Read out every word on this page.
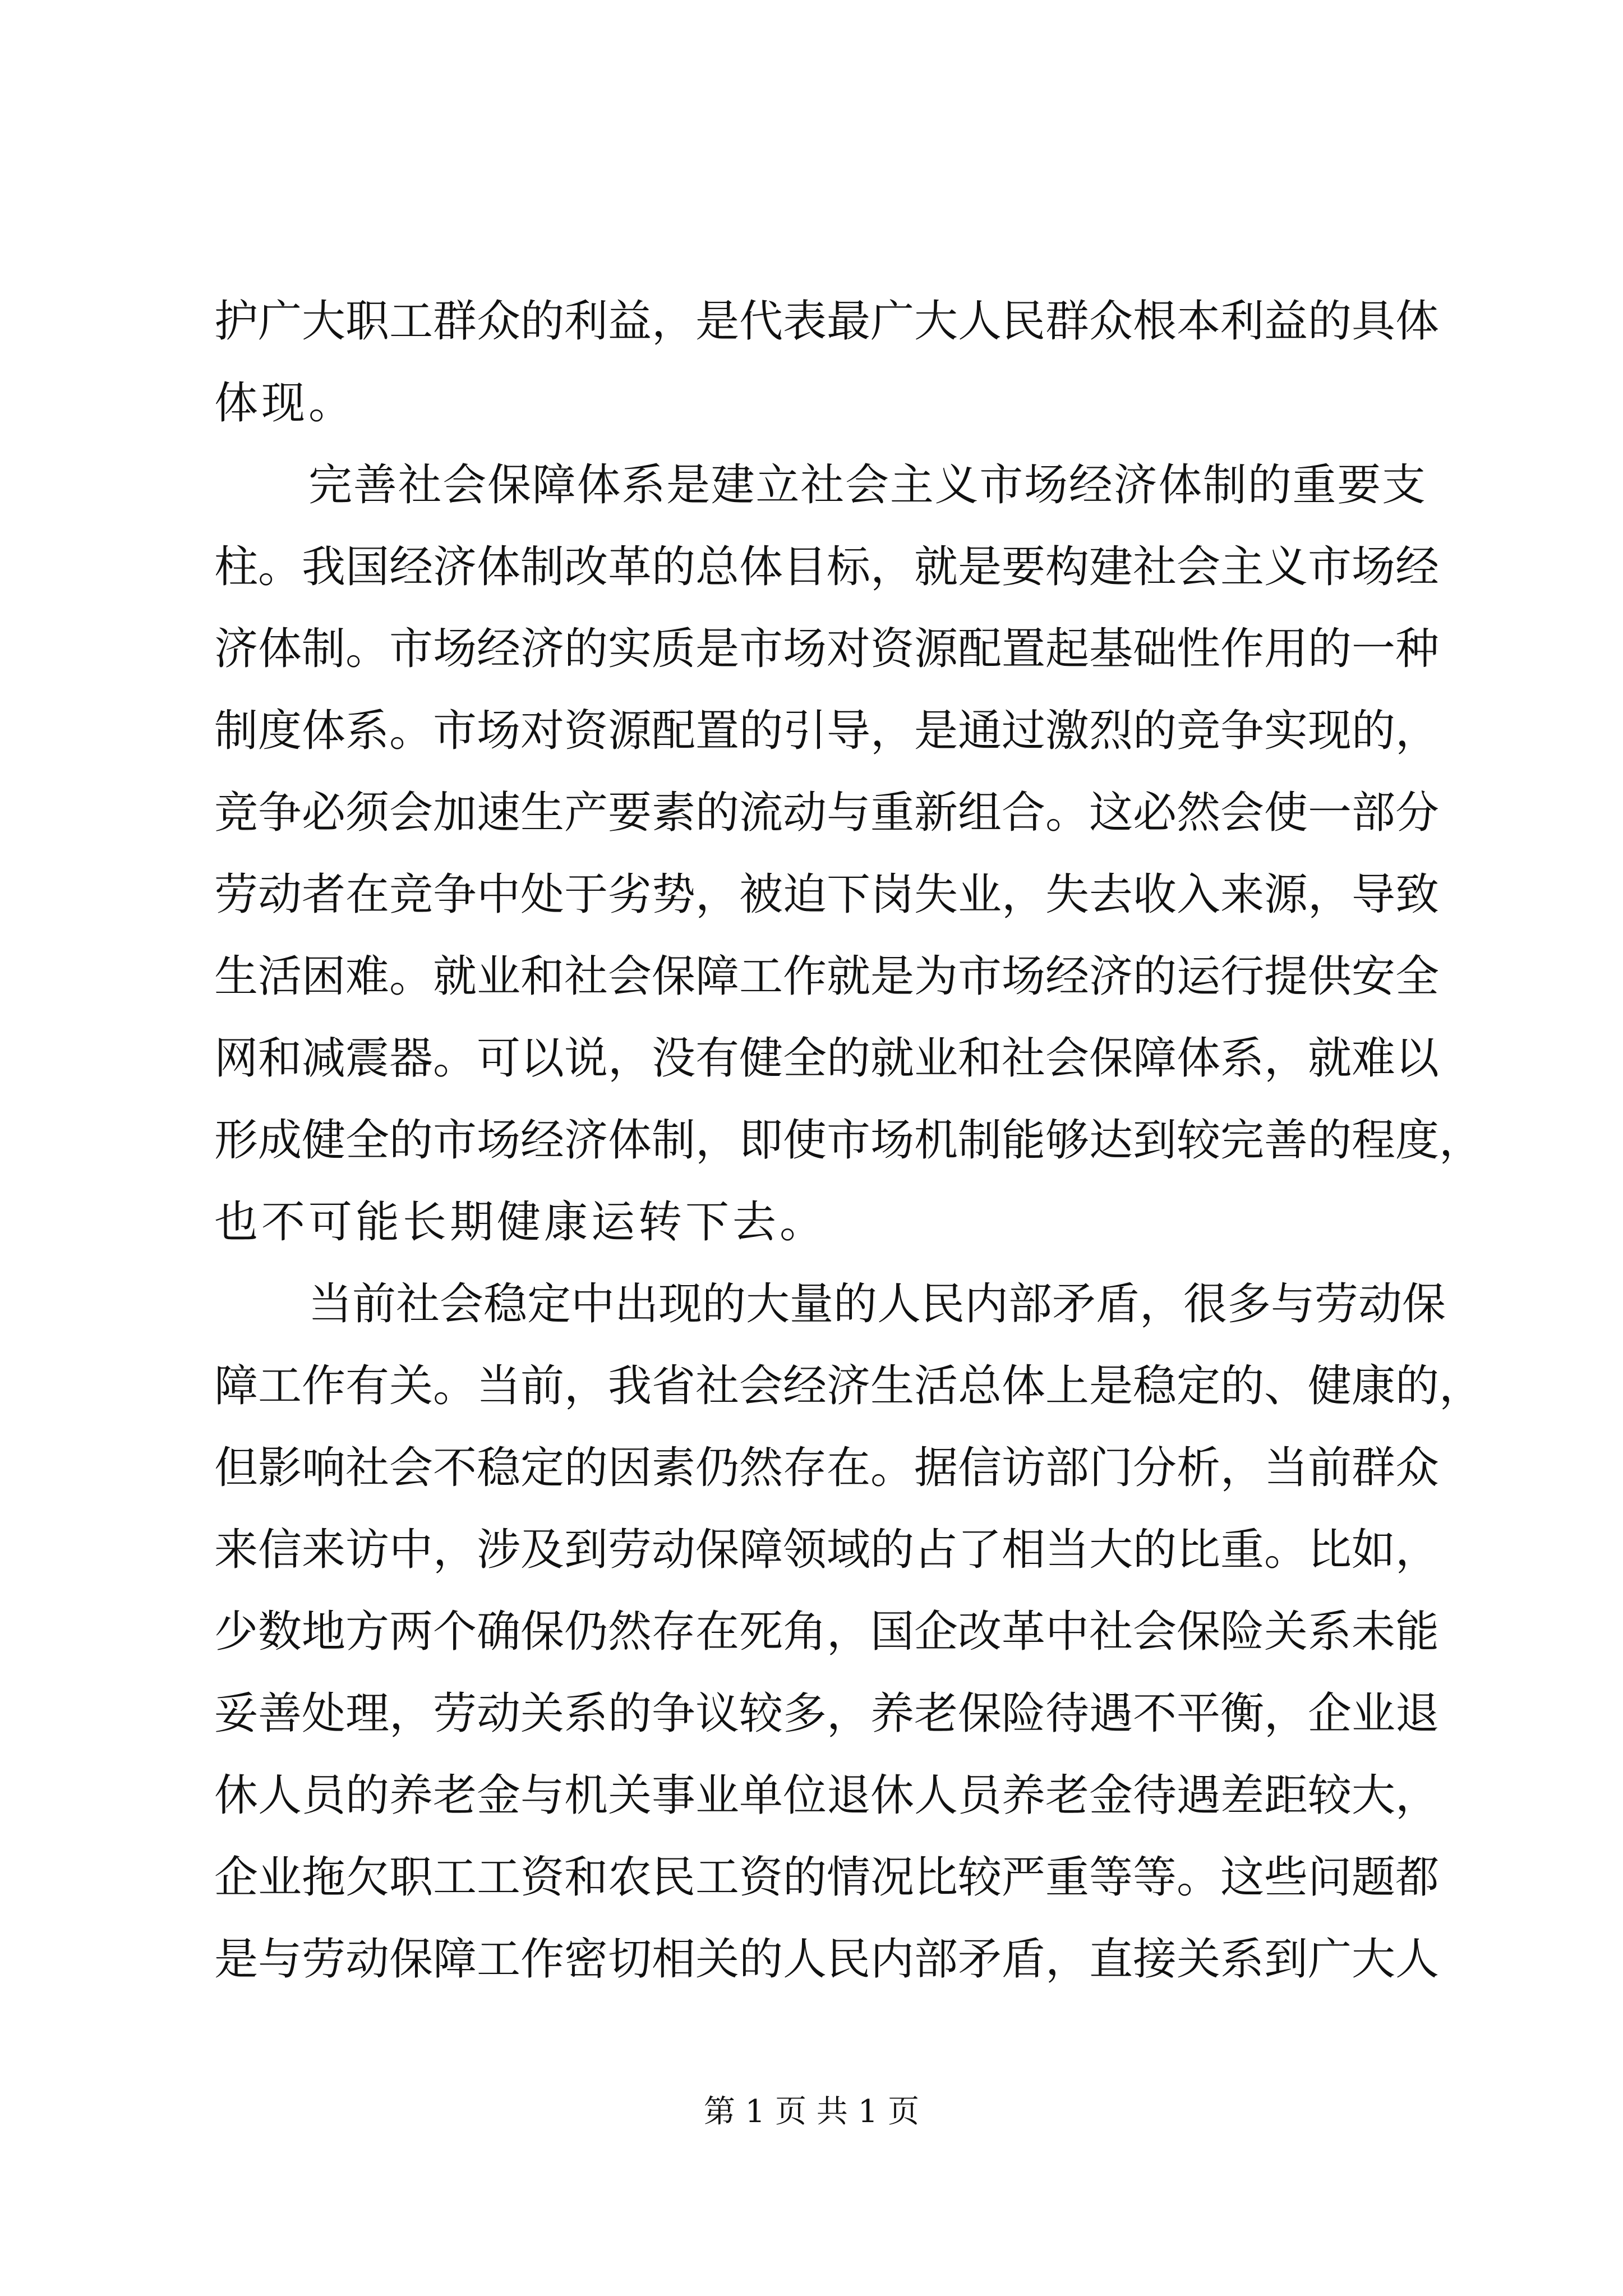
护广大职工群众的利益，是代表最广大人民群众根本利益的具体
体现。
完善社会保障体系是建立社会主义市场经济体制的重要支
柱。我国经济体制改革的总体目标，就是要构建社会主义市场经
济体制。市场经济的实质是市场对资源配置起基础性作用的一种
制度体系。市场对资源配置的引导，是通过激烈的竞争实现的，
竞争必须会加速生产要素的流动与重新组合。这必然会使一部分
劳动者在竞争中处于劣势，被迫下岗失业，失去收入来源，导致
生活困难。就业和社会保障工作就是为市场经济的运行提供安全
网和减震器。可以说，没有健全的就业和社会保障体系，就难以
形成健全的市场经济体制，即使市场机制能够达到较完善的程度，
也不可能长期健康运转下去。
当前社会稳定中出现的大量的人民内部矛盾，很多与劳动保
障工作有关。当前，我省社会经济生活总体上是稳定的、健康的，
但影响社会不稳定的因素仍然存在。据信访部门分析，当前群众
来信来访中，涉及到劳动保障领域的占了相当大的比重。比如，
少数地方两个确保仍然存在死角，国企改革中社会保险关系未能
妥善处理，劳动关系的争议较多，养老保险待遇不平衡，企业退
休人员的养老金与机关事业单位退休人员养老金待遇差距较大，
企业拖欠职工工资和农民工资的情况比较严重等等。这些问题都
是与劳动保障工作密切相关的人民内部矛盾，直接关系到广大人
第 1 页 共 1 页
